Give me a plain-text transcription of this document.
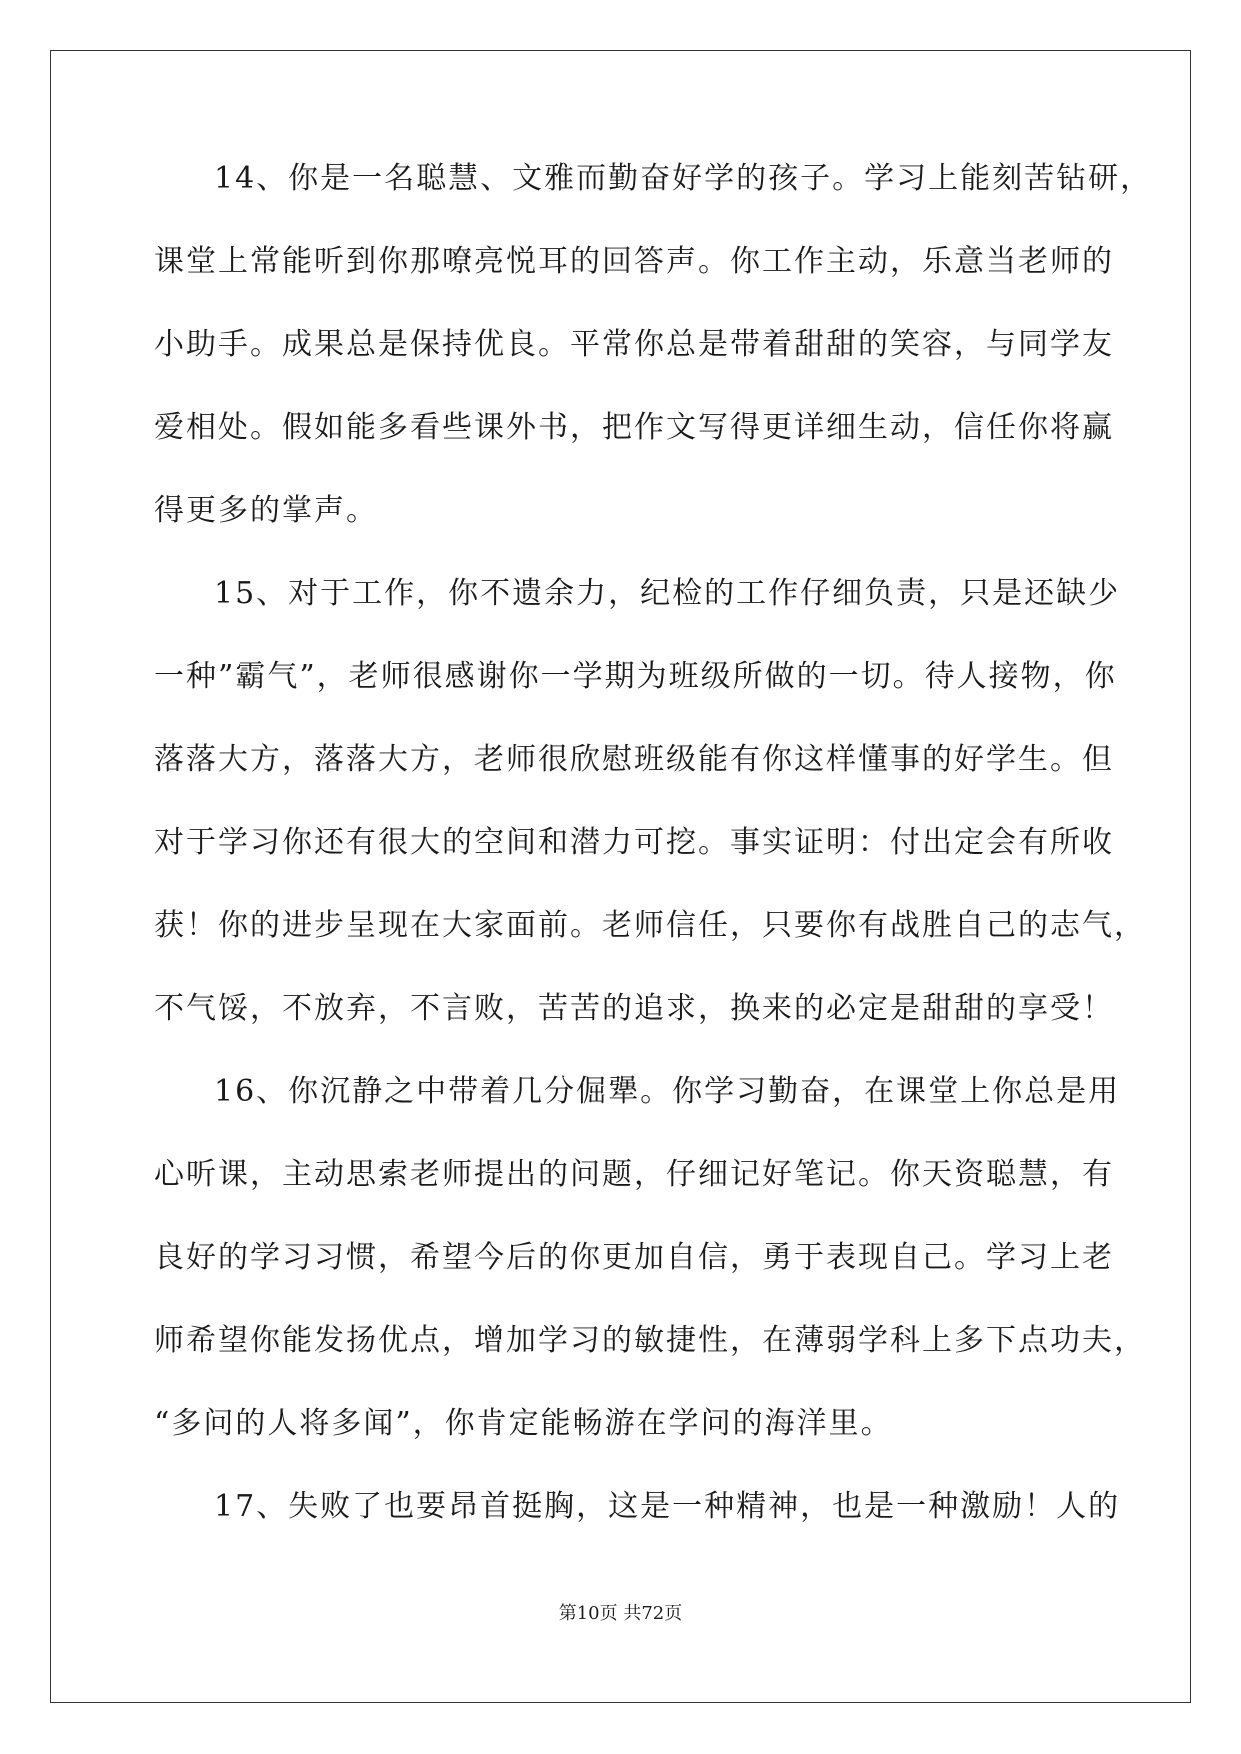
14、你是一名聪慧、文雅而勤奋好学的孩子。学习上能刻苦钻研，
课堂上常能听到你那嘹亮悦耳的回答声。你工作主动，乐意当老师的
小助手。成果总是保持优良。平常你总是带着甜甜的笑容，与同学友
爱相处。假如能多看些课外书，把作文写得更详细生动，信任你将赢
得更多的掌声。
15、对于工作，你不遗余力，纪检的工作仔细负责，只是还缺少
一种”霸气”，老师很感谢你一学期为班级所做的一切。待人接物，你
落落大方，落落大方，老师很欣慰班级能有你这样懂事的好学生。但
对于学习你还有很大的空间和潜力可挖。事实证明：付出定会有所收
获！你的进步呈现在大家面前。老师信任，只要你有战胜自己的志气，
不气馁，不放弃，不言败，苦苦的追求，换来的必定是甜甜的享受！
16、你沉静之中带着几分倔犟。你学习勤奋，在课堂上你总是用
心听课，主动思索老师提出的问题，仔细记好笔记。你天资聪慧，有
良好的学习习惯，希望今后的你更加自信，勇于表现自己。学习上老
师希望你能发扬优点，增加学习的敏捷性，在薄弱学科上多下点功夫，
“多问的人将多闻”，你肯定能畅游在学问的海洋里。
17、失败了也要昂首挺胸，这是一种精神，也是一种激励！人的
第10页 共72页
